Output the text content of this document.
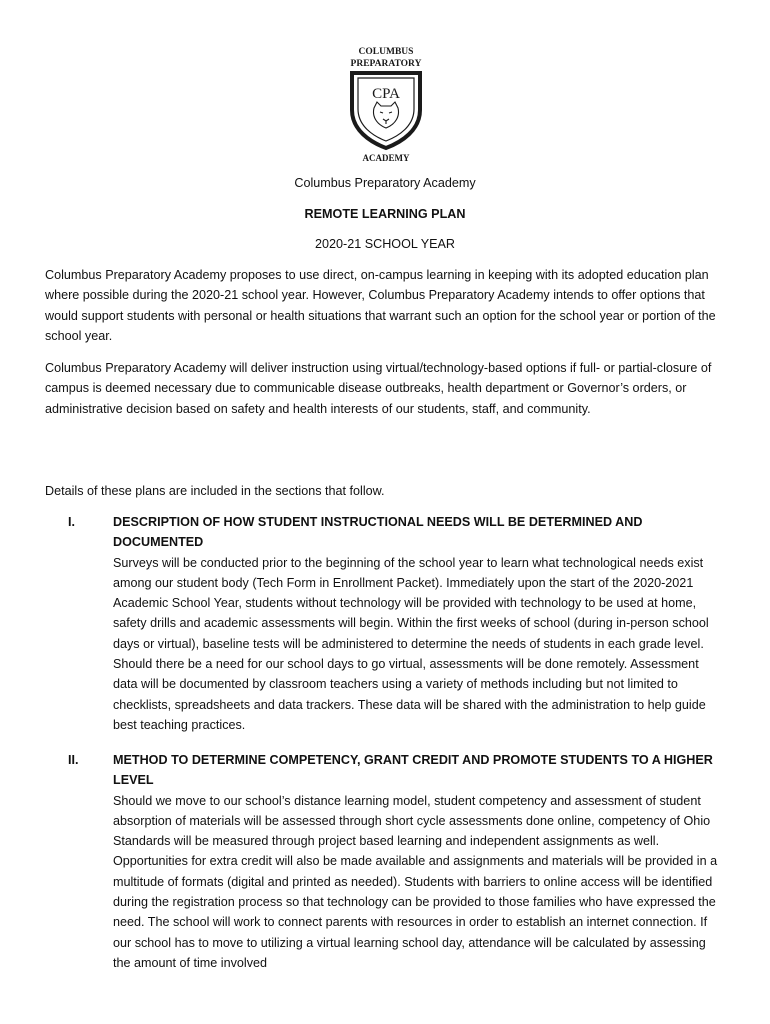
COLUMBUS
PREPARATORY
CPA
ACADEMY
Columbus Preparatory Academy
REMOTE LEARNING PLAN
2020-21 SCHOOL YEAR

Columbus Preparatory Academy proposes to use direct, on-campus learning in keeping with its adopted education plan where possible during the 2020-21 school year. However, Columbus Preparatory Academy intends to offer options that would support students with personal or health situations that warrant such an option for the school year or portion of the school year.

Columbus Preparatory Academy will deliver instruction using virtual/technology-based options if full- or partial-closure of campus is deemed necessary due to communicable disease outbreaks, health department or Governor’s orders, or administrative decision based on safety and health interests of our students, staff, and community.

Details of these plans are included in the sections that follow.

I.	DESCRIPTION OF HOW STUDENT INSTRUCTIONAL NEEDS WILL BE DETERMINED AND DOCUMENTED

Surveys will be conducted prior to the beginning of the school year to learn what technological needs exist among our student body (Tech Form in Enrollment Packet). Immediately upon the start of the 2020-2021 Academic School Year, students without technology will be provided with technology to be used at home, safety drills and academic assessments will begin. Within the first weeks of school (during in-person school days or virtual), baseline tests will be administered to determine the needs of students in each grade level. Should there be a need for our school days to go virtual, assessments will be done remotely. Assessment data will be documented by classroom teachers using a variety of methods including but not limited to checklists, spreadsheets and data trackers. These data will be shared with the administration to help guide best teaching practices.

II.	METHOD TO DETERMINE COMPETENCY, GRANT CREDIT AND PROMOTE STUDENTS TO A HIGHER LEVEL

Should we move to our school’s distance learning model, student competency and assessment of student absorption of materials will be assessed through short cycle assessments done online, competency of Ohio Standards will be measured through project based learning and independent assignments as well. Opportunities for extra credit will also be made available and assignments and materials will be provided in a multitude of formats (digital and printed as needed). Students with barriers to online access will be identified during the registration process so that technology can be provided to those families who have expressed the need. The school will work to connect parents with resources in order to establish an internet connection. If our school has to move to utilizing a virtual learning school day, attendance will be calculated by assessing the amount of time involved
